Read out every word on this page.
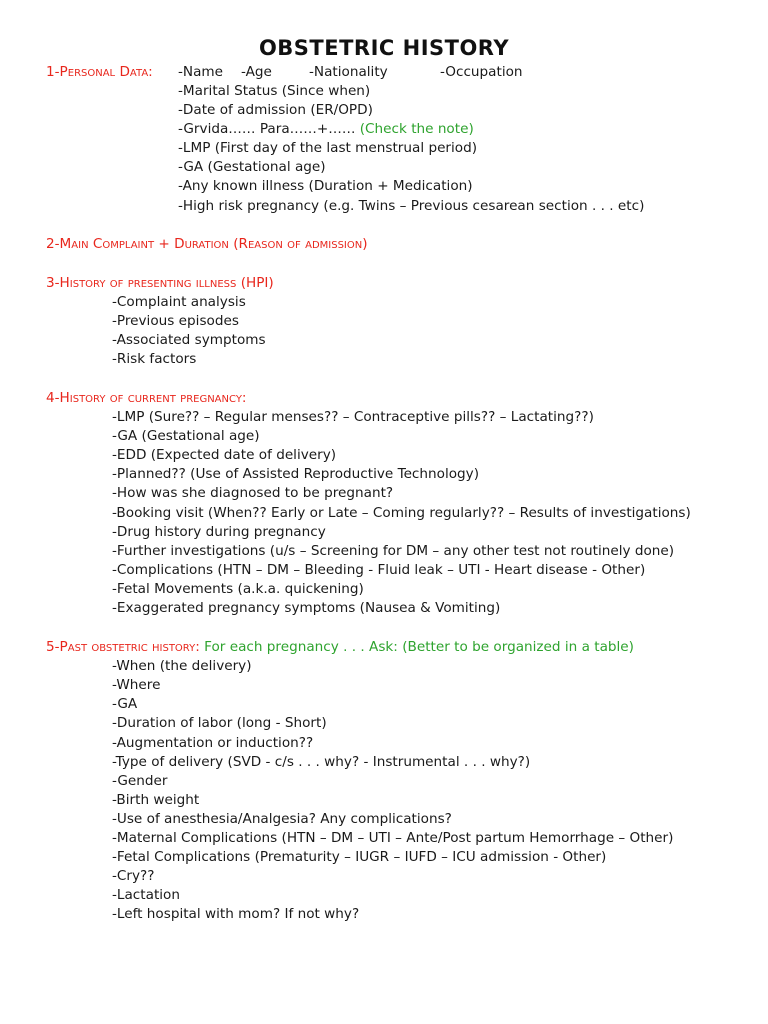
OBSTETRIC HISTORY
1-Personal Data: -Name -Age	-Nationality	-Occupation
-Marital Status (Since when)
-Date of admission (ER/OPD)
-Grvida…… Para……+…… (Check the note)
-LMP (First day of the last menstrual period)
-GA (Gestational age)
-Any known illness (Duration + Medication)
-High risk pregnancy (e.g. Twins – Previous cesarean section . . . etc)
2-Main Complaint + Duration (Reason of admission)
3-History of presenting illness (HPI)
-Complaint analysis
-Previous episodes
-Associated symptoms
-Risk factors
4-History of current pregnancy:
-LMP (Sure?? – Regular menses?? – Contraceptive pills?? – Lactating??)
-GA (Gestational age)
-EDD (Expected date of delivery)
-Planned?? (Use of Assisted Reproductive Technology)
-How was she diagnosed to be pregnant?
-Booking visit (When?? Early or Late – Coming regularly?? – Results of investigations)
-Drug history during pregnancy
-Further investigations (u/s – Screening for DM – any other test not routinely done)
-Complications (HTN – DM – Bleeding - Fluid leak – UTI - Heart disease - Other)
-Fetal Movements (a.k.a. quickening)
-Exaggerated pregnancy symptoms (Nausea & Vomiting)
5-Past obstetric history: For each pregnancy . . . Ask: (Better to be organized in a table)
-When (the delivery)
-Where
-GA
-Duration of labor (long - Short)
-Augmentation or induction??
-Type of delivery (SVD - c/s . . . why? - Instrumental . . . why?)
-Gender
-Birth weight
-Use of anesthesia/Analgesia? Any complications?
-Maternal Complications (HTN – DM – UTI – Ante/Post partum Hemorrhage – Other)
-Fetal Complications (Prematurity – IUGR – IUFD – ICU admission - Other)
-Cry??
-Lactation
-Left hospital with mom? If not why?
